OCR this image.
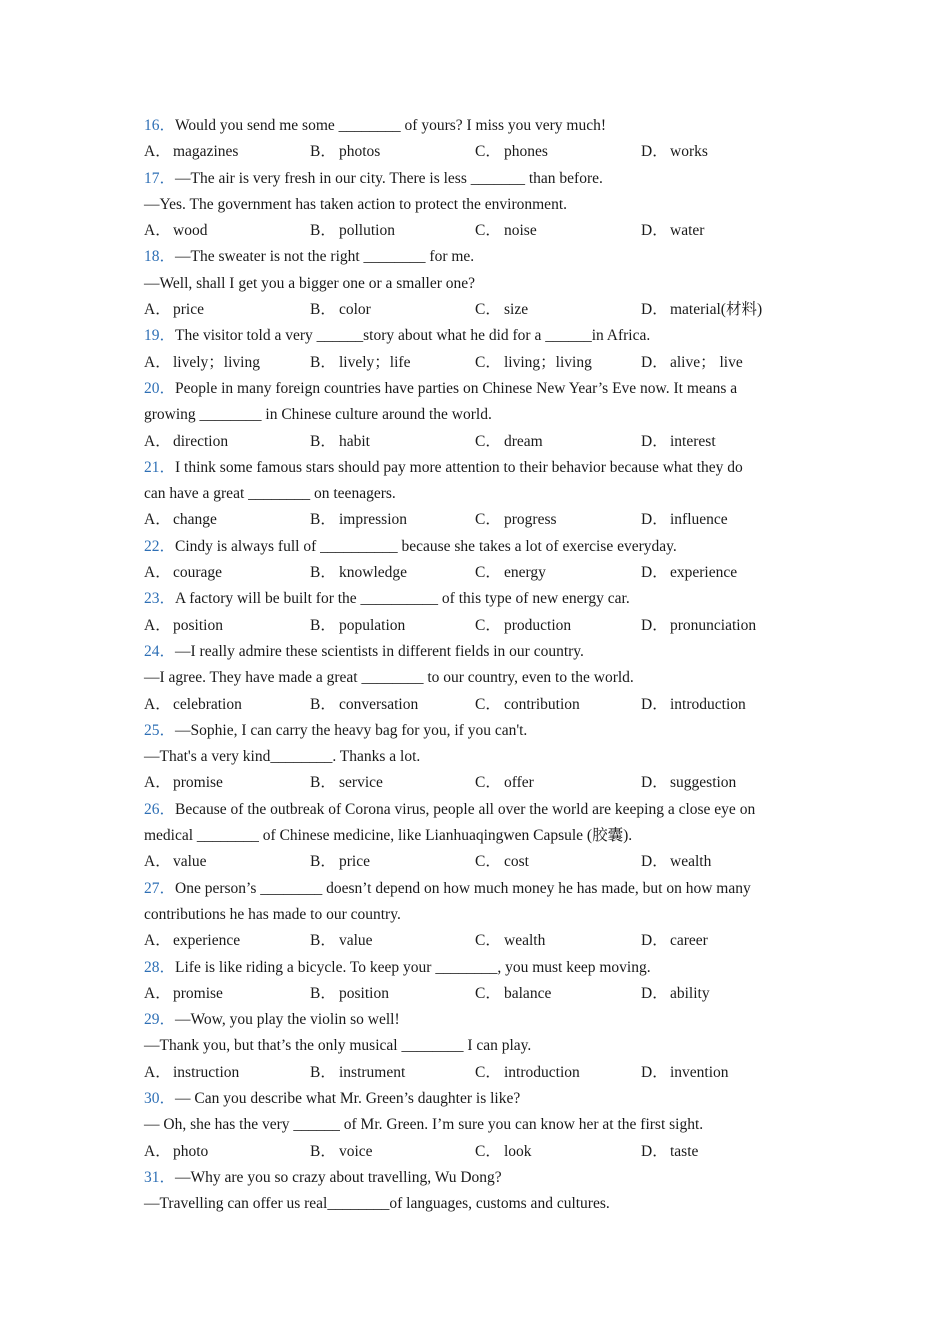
16．Would you send me some ________ of yours? I miss you very much!
A． magazines	B． photos	C． phones	D． works
17．—The air is very fresh in our city. There is less _______ than before.
—Yes. The government has taken action to protect the environment.
A． wood	B． pollution	C． noise	D． water
18．—The sweater is not the right ________ for me.
—Well, shall I get you a bigger one or a smaller one?
A． price	B． color	C． size	D． material(材料)
19．The visitor told a very ______story about what he did for a ______in Africa.
A． lively；living	B． lively；life	C． living；living	D． alive； live
20．People in many foreign countries have parties on Chinese New Year’s Eve now. It means a
growing ________ in Chinese culture around the world.
A． direction	B． habit	C． dream	D． interest
21．I think some famous stars should pay more attention to their behavior because what they do
can have a great ________ on teenagers.
A． change	B． impression	C． progress	D． influence
22．Cindy is always full of __________ because she takes a lot of exercise everyday.
A． courage	B． knowledge	C． energy	D． experience
23．A factory will be built for the __________ of this type of new energy car.
A． position	B． population	C． production	D． pronunciation
24．—I really admire these scientists in different fields in our country.
—I agree. They have made a great ________ to our country, even to the world.
A． celebration	B． conversation	C． contribution	D． introduction
25．—Sophie, I can carry the heavy bag for you, if you can't.
—That's a very kind________. Thanks a lot.
A． promise	B． service	C． offer	D． suggestion
26．Because of the outbreak of Corona virus, people all over the world are keeping a close eye on
medical ________ of Chinese medicine, like Lianhuaqingwen Capsule (胶囊).
A． value	B． price	C． cost	D． wealth
27．One person’s ________ doesn’t depend on how much money he has made, but on how many
contributions he has made to our country.
A． experience	B． value	C． wealth	D． career
28．Life is like riding a bicycle. To keep your ________, you must keep moving.
A． promise	B． position	C． balance	D． ability
29．—Wow, you play the violin so well!
—Thank you, but that’s the only musical ________ I can play.
A． instruction	B． instrument	C． introduction	D． invention
30．— Can you describe what Mr. Green’s daughter is like?
— Oh, she has the very ______ of Mr. Green. I’m sure you can know her at the first sight.
A． photo	B． voice	C． look	D． taste
31．—Why are you so crazy about travelling, Wu Dong?
—Travelling can offer us real________of languages, customs and cultures.
